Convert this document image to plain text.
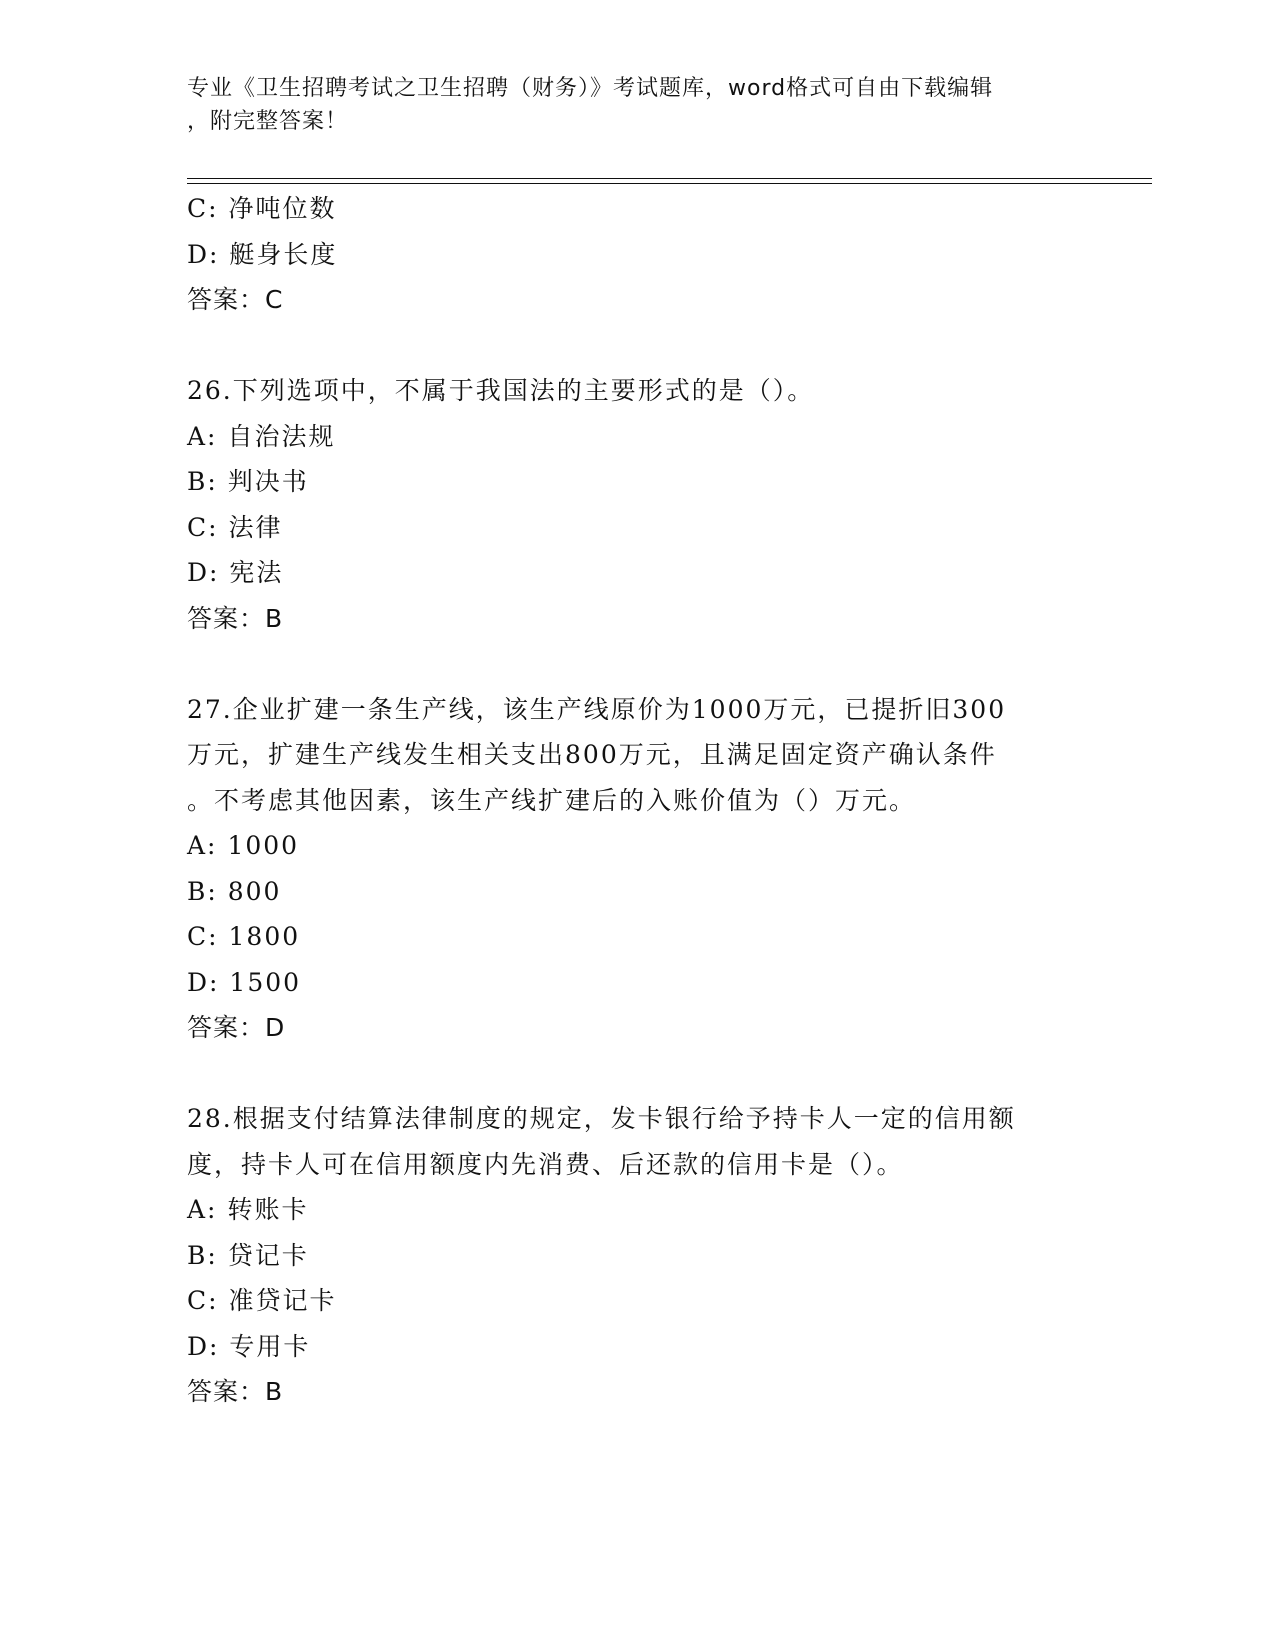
专业《卫生招聘考试之卫生招聘（财务）》考试题库，word格式可自由下载编辑
，附完整答案！
C: 净吨位数
D: 艇身长度
答案：C
26.下列选项中，不属于我国法的主要形式的是（）。
A: 自治法规
B: 判决书
C: 法律
D: 宪法
答案：B
27.企业扩建一条生产线，该生产线原价为1000万元，已提折旧300
万元，扩建生产线发生相关支出800万元，且满足固定资产确认条件
。不考虑其他因素，该生产线扩建后的入账价值为（）万元。
A: 1000
B: 800
C: 1800
D: 1500
答案：D
28.根据支付结算法律制度的规定，发卡银行给予持卡人一定的信用额
度，持卡人可在信用额度内先消费、后还款的信用卡是（）。
A: 转账卡
B: 贷记卡
C: 准贷记卡
D: 专用卡
答案：B
